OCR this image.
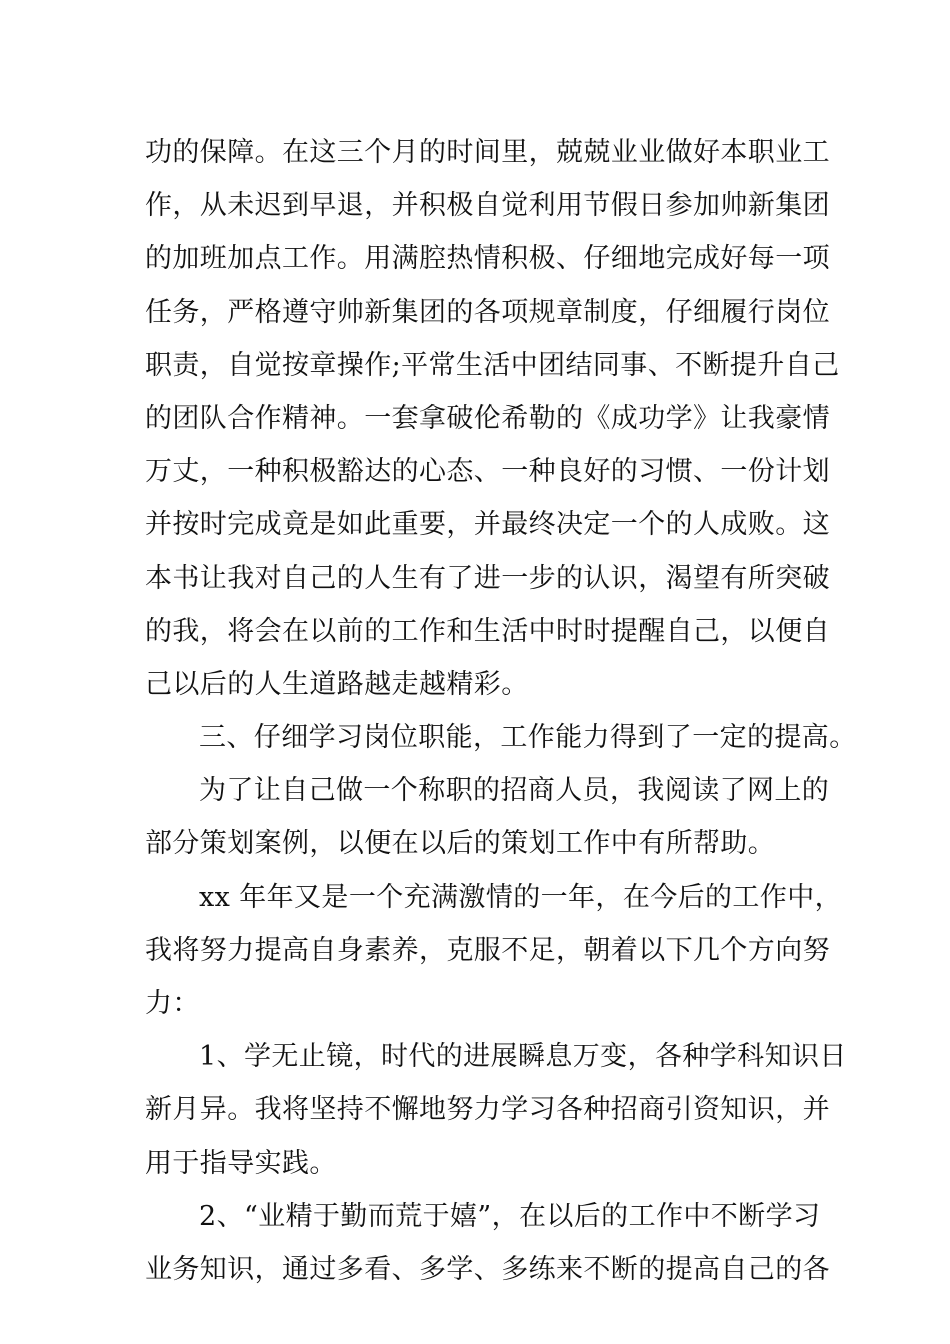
功的保障。在这三个月的时间里，兢兢业业做好本职业工
作，从未迟到早退，并积极自觉利用节假日参加帅新集团
的加班加点工作。用满腔热情积极、仔细地完成好每一项
任务，严格遵守帅新集团的各项规章制度，仔细履行岗位
职责，自觉按章操作;平常生活中团结同事、不断提升自己
的团队合作精神。一套拿破伦希勒的《成功学》让我豪情
万丈，一种积极豁达的心态、一种良好的习惯、一份计划
并按时完成竟是如此重要，并最终决定一个的人成败。这
本书让我对自己的人生有了进一步的认识，渴望有所突破
的我，将会在以前的工作和生活中时时提醒自己，以便自
己以后的人生道路越走越精彩。
三、仔细学习岗位职能，工作能力得到了一定的提高。
为了让自己做一个称职的招商人员，我阅读了网上的
部分策划案例，以便在以后的策划工作中有所帮助。
xx 年年又是一个充满激情的一年，在今后的工作中，
我将努力提高自身素养，克服不足，朝着以下几个方向努
力：
1、学无止镜，时代的进展瞬息万变，各种学科知识日
新月异。我将坚持不懈地努力学习各种招商引资知识，并
用于指导实践。
2、“业精于勤而荒于嬉”，在以后的工作中不断学习
业务知识，通过多看、多学、多练来不断的提高自己的各
